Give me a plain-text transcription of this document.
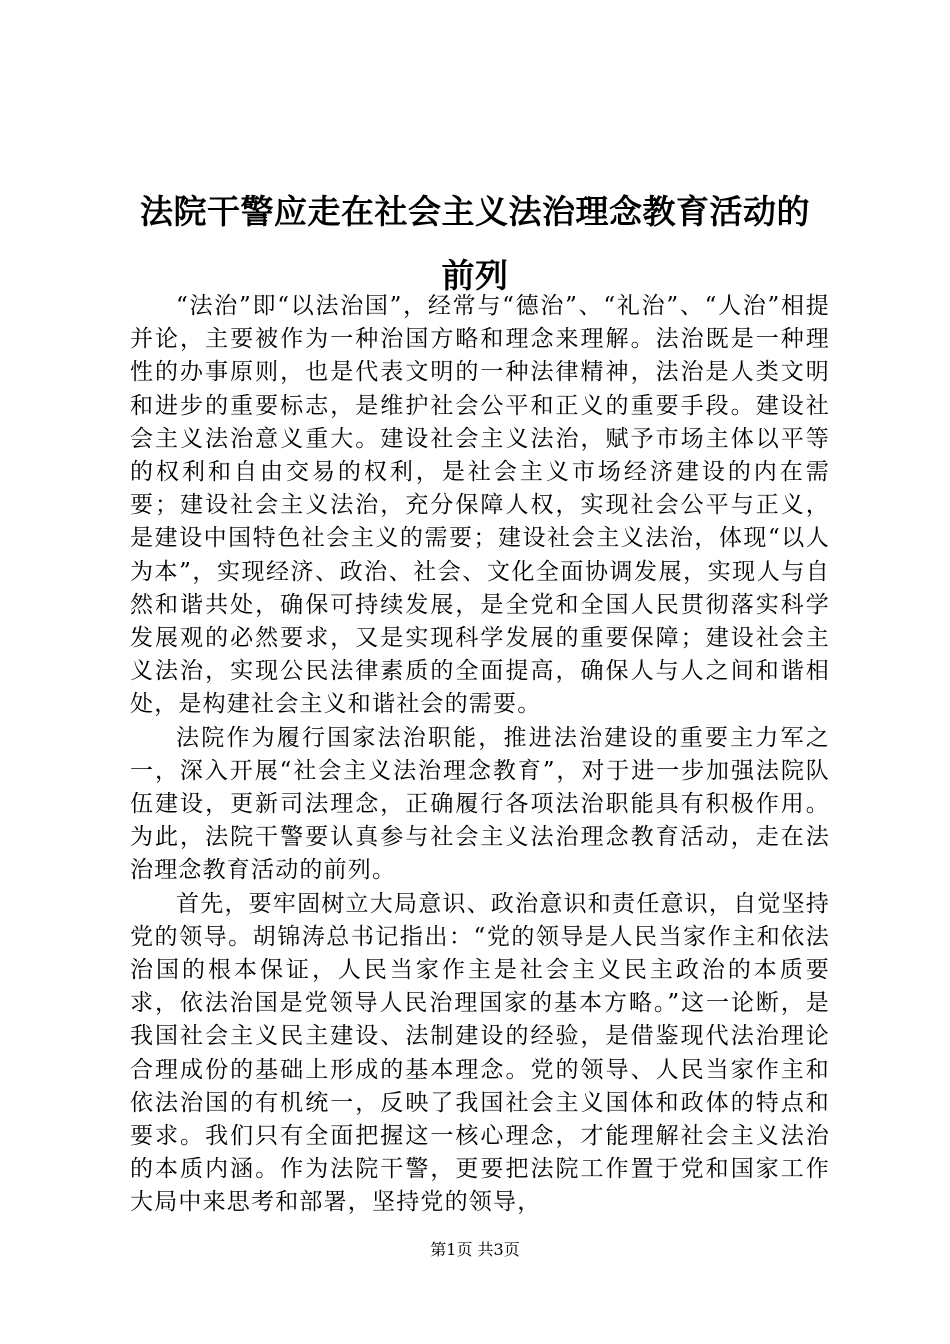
法院干警应走在社会主义法治理念教育活动的
前列

“法治”即“以法治国”，经常与“德治”、“礼治”、“人治”相提并论，主要被作为一种治国方略和理念来理解。法治既是一种理性的办事原则，也是代表文明的一种法律精神，法治是人类文明和进步的重要标志，是维护社会公平和正义的重要手段。建设社会主义法治意义重大。建设社会主义法治，赋予市场主体以平等的权利和自由交易的权利，是社会主义市场经济建设的内在需要；建设社会主义法治，充分保障人权，实现社会公平与正义，是建设中国特色社会主义的需要；建设社会主义法治，体现“以人为本”，实现经济、政治、社会、文化全面协调发展，实现人与自然和谐共处，确保可持续发展，是全党和全国人民贯彻落实科学发展观的必然要求，又是实现科学发展的重要保障；建设社会主义法治，实现公民法律素质的全面提高，确保人与人之间和谐相处，是构建社会主义和谐社会的需要。

法院作为履行国家法治职能，推进法治建设的重要主力军之一，深入开展“社会主义法治理念教育”，对于进一步加强法院队伍建设，更新司法理念，正确履行各项法治职能具有积极作用。为此，法院干警要认真参与社会主义法治理念教育活动，走在法治理念教育活动的前列。

首先，要牢固树立大局意识、政治意识和责任意识，自觉坚持党的领导。胡锦涛总书记指出：“党的领导是人民当家作主和依法治国的根本保证，人民当家作主是社会主义民主政治的本质要求，依法治国是党领导人民治理国家的基本方略。”这一论断，是我国社会主义民主建设、法制建设的经验，是借鉴现代法治理论合理成份的基础上形成的基本理念。党的领导、人民当家作主和依法治国的有机统一，反映了我国社会主义国体和政体的特点和要求。我们只有全面把握这一核心理念，才能理解社会主义法治的本质内涵。作为法院干警，更要把法院工作置于党和国家工作大局中来思考和部署，坚持党的领导，

第1页 共3页
